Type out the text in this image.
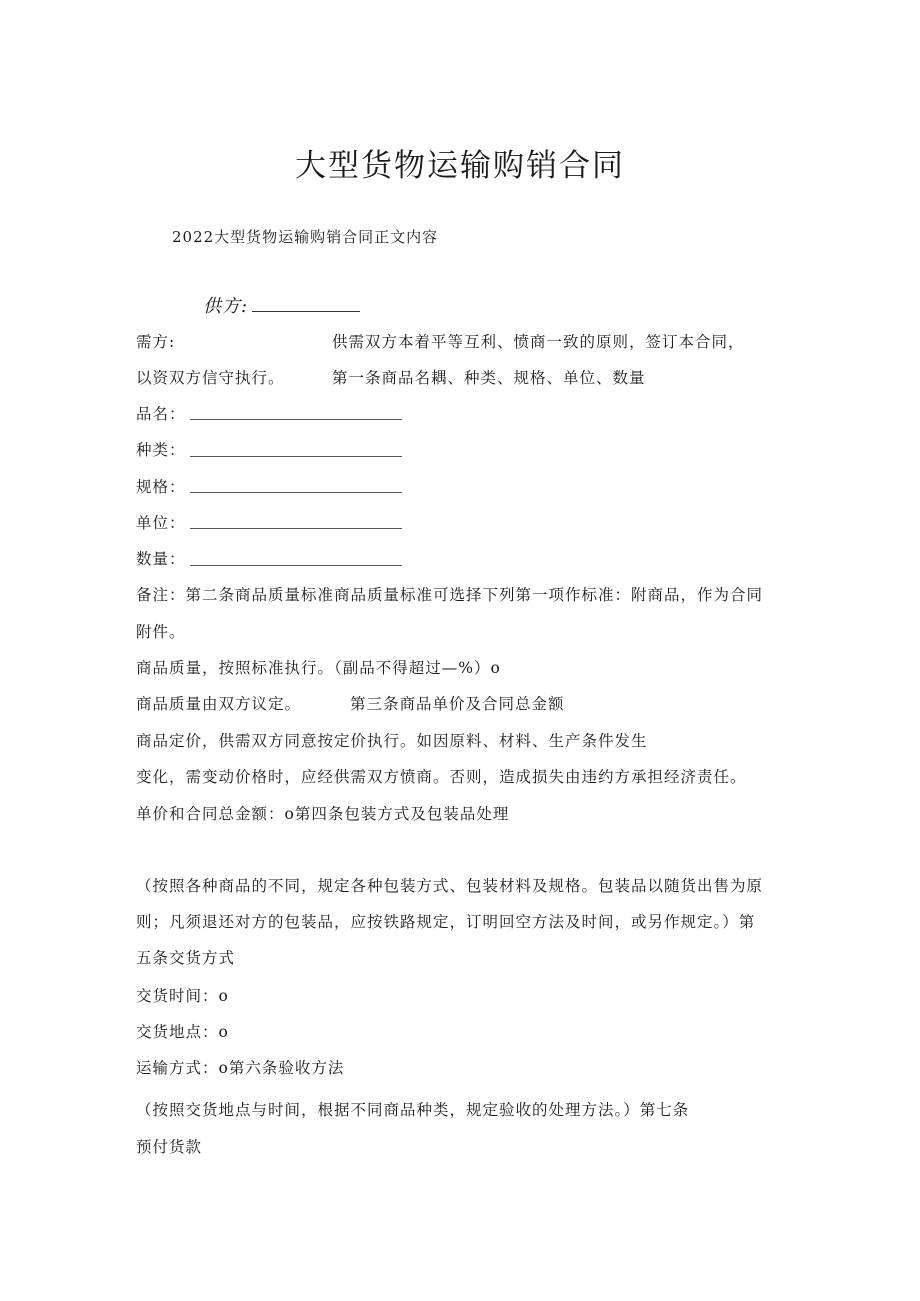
大型货物运输购销合同
2022大型货物运输购销合同正文内容
供方:
需方:	供需双方本着平等互利、愤商一致的原则，签订本合同，
以资双方信守执行。	第一条商品名耦、种类、规格、单位、数量
品名：
种类：
规格：
单位：
数量：
备注：第二条商品质量标准商品质量标准可选择下列第一项作标准：附商品，作为合同
附件。
商品质量，按照标准执行。（副品不得超过—%）o
商品质量由双方议定。	第三条商品单价及合同总金额
商品定价，供需双方同意按定价执行。如因原料、材料、生产条件发生
变化，需变动价格时，应经供需双方愤商。否则，造成损失由违约方承担经济责任。
单价和合同总金额：o第四条包装方式及包装品处理
（按照各种商品的不同，规定各种包装方式、包装材料及规格。包装品以随货出售为原
则；凡须退还对方的包装品，应按铁路规定，订明回空方法及时间，或另作规定。）第
五条交货方式
交货时间：o
交货地点：o
运输方式：o第六条验收方法
（按照交货地点与时间，根据不同商品种类，规定验收的处理方法。）第七条
预付货款
